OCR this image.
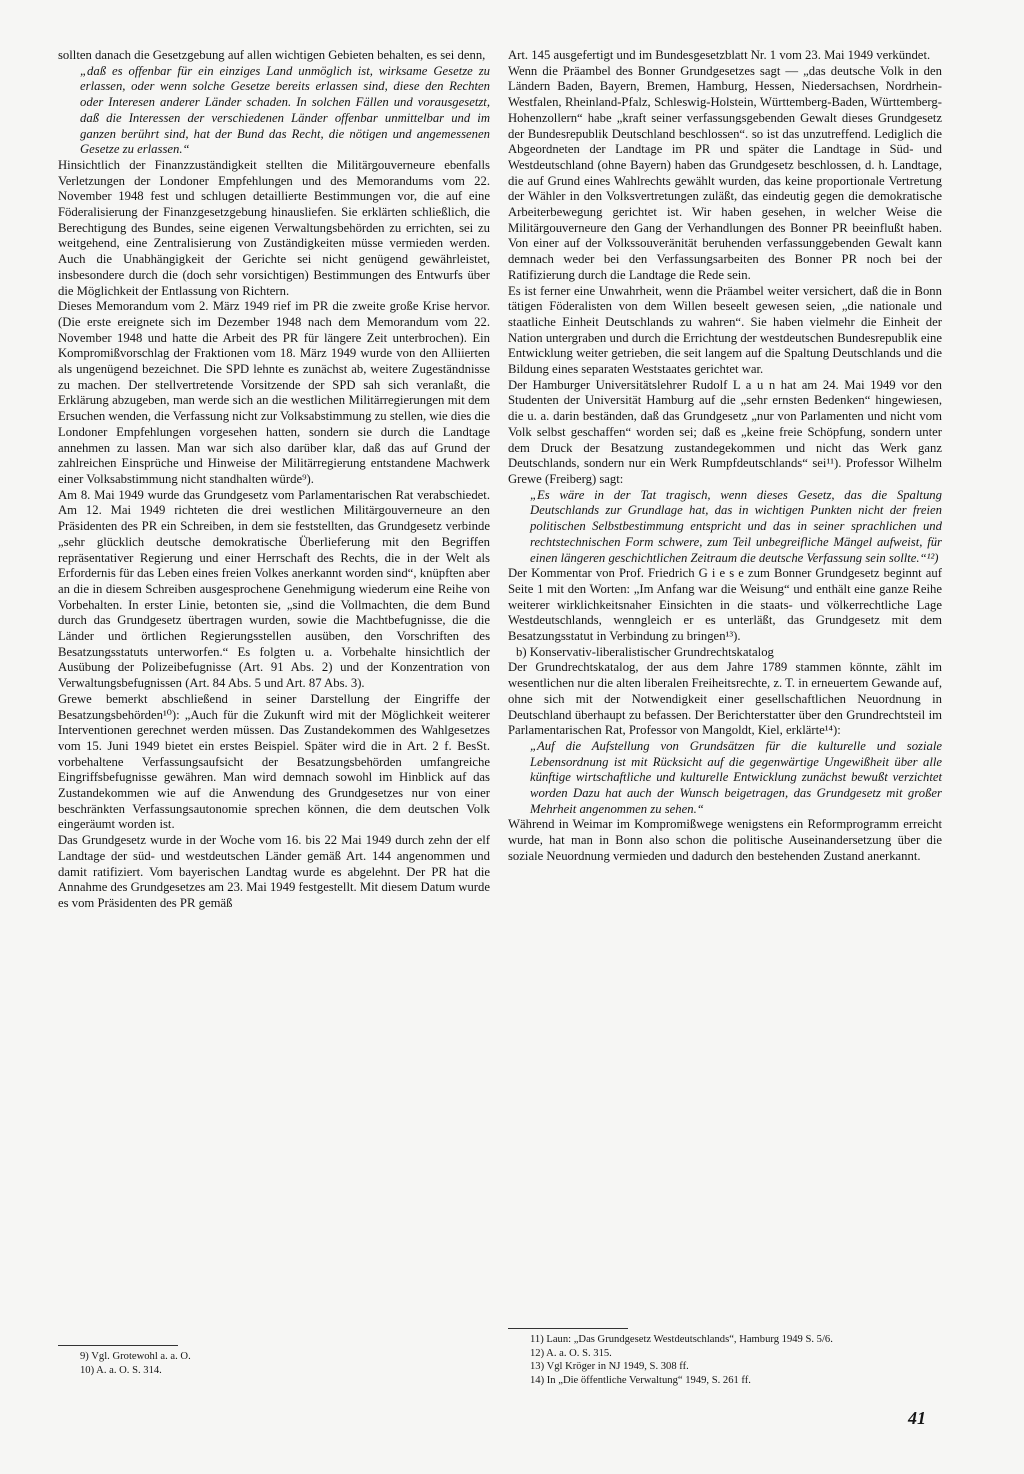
sollten danach die Gesetzgebung auf allen wichtigen Gebieten behalten, es sei denn,

„daß es offenbar für ein einziges Land unmöglich ist, wirksame Gesetze zu erlassen, oder wenn solche Gesetze bereits erlassen sind, diese den Rechten oder Interesen anderer Länder schaden. In solchen Fällen und vorausgesetzt, daß die Interessen der verschiedenen Länder offenbar unmittelbar und im ganzen berührt sind, hat der Bund das Recht, die nötigen und angemessenen Gesetze zu erlassen.“

Hinsichtlich der Finanzzuständigkeit stellten die Militärgouverneure ebenfalls Verletzungen der Londoner Empfehlungen und des Memorandums vom 22. November 1948 fest und schlugen detaillierte Bestimmungen vor, die auf eine Föderalisierung der Finanzgesetzgebung hinausliefen. Sie erklärten schließlich, die Berechtigung des Bundes, seine eigenen Verwaltungsbehörden zu errichten, sei zu weitgehend, eine Zentralisierung von Zuständigkeiten müsse vermieden werden. Auch die Unabhängigkeit der Gerichte sei nicht genügend gewährleistet, insbesondere durch die (doch sehr vorsichtigen) Bestimmungen des Entwurfs über die Möglichkeit der Entlassung von Richtern.

Dieses Memorandum vom 2. März 1949 rief im PR die zweite große Krise hervor. (Die erste ereignete sich im Dezember 1948 nach dem Memorandum vom 22. November 1948 und hatte die Arbeit des PR für längere Zeit unterbrochen). Ein Kompromißvorschlag der Fraktionen vom 18. März 1949 wurde von den Alliierten als ungenügend bezeichnet. Die SPD lehnte es zunächst ab, weitere Zugeständnisse zu machen. Der stellvertretende Vorsitzende der SPD sah sich veranlaßt, die Erklärung abzugeben, man werde sich an die westlichen Militärregierungen mit dem Ersuchen wenden, die Verfassung nicht zur Volksabstimmung zu stellen, wie dies die Londoner Empfehlungen vorgesehen hatten, sondern sie durch die Landtage annehmen zu lassen. Man war sich also darüber klar, daß das auf Grund der zahlreichen Einsprüche und Hinweise der Militärregierung entstandene Machwerk einer Volksabstimmung nicht standhalten würde⁹).

Am 8. Mai 1949 wurde das Grundgesetz vom Parlamentarischen Rat verabschiedet. Am 12. Mai 1949 richteten die drei westlichen Militärgouverneure an den Präsidenten des PR ein Schreiben, in dem sie feststellten, das Grundgesetz verbinde „sehr glücklich deutsche demokratische Überlieferung mit den Begriffen repräsentativer Regierung und einer Herrschaft des Rechts, die in der Welt als Erfordernis für das Leben eines freien Volkes anerkannt worden sind“, knüpften aber an die in diesem Schreiben ausgesprochene Genehmigung wiederum eine Reihe von Vorbehalten. In erster Linie, betonten sie, „sind die Vollmachten, die dem Bund durch das Grundgesetz übertragen wurden, sowie die Machtbefugnisse, die die Länder und örtlichen Regierungsstellen ausüben, den Vorschriften des Besatzungsstatuts unterworfen.“ Es folgten u. a. Vorbehalte hinsichtlich der Ausübung der Polizeibefugnisse (Art. 91 Abs. 2) und der Konzentration von Verwaltungsbefugnissen (Art. 84 Abs. 5 und Art. 87 Abs. 3).

Grewe bemerkt abschließend in seiner Darstellung der Eingriffe der Besatzungsbehörden¹⁰): „Auch für die Zukunft wird mit der Möglichkeit weiterer Interventionen gerechnet werden müssen. Das Zustandekommen des Wahlgesetzes vom 15. Juni 1949 bietet ein erstes Beispiel. Später wird die in Art. 2 f. BesSt. vorbehaltene Verfassungsaufsicht der Besatzungsbehörden umfangreiche Eingriffsbefugnisse gewähren. Man wird demnach sowohl im Hinblick auf das Zustandekommen wie auf die Anwendung des Grundgesetzes nur von einer beschränkten Verfassungsautonomie sprechen können, die dem deutschen Volk eingeräumt worden ist.

Das Grundgesetz wurde in der Woche vom 16. bis 22 Mai 1949 durch zehn der elf Landtage der süd- und westdeutschen Länder gemäß Art. 144 angenommen und damit ratifiziert. Vom bayerischen Landtag wurde es abgelehnt. Der PR hat die Annahme des Grundgesetzes am 23. Mai 1949 festgestellt. Mit diesem Datum wurde es vom Präsidenten des PR gemäß

Art. 145 ausgefertigt und im Bundesgesetzblatt Nr. 1 vom 23. Mai 1949 verkündet.

Wenn die Präambel des Bonner Grundgesetzes sagt — „das deutsche Volk in den Ländern Baden, Bayern, Bremen, Hamburg, Hessen, Niedersachsen, Nordrhein-Westfalen, Rheinland-Pfalz, Schleswig-Holstein, Württemberg-Baden, Württemberg-Hohenzollern“ habe „kraft seiner verfassungsgebenden Gewalt dieses Grundgesetz der Bundesrepublik Deutschland beschlossen“. so ist das unzutreffend. Lediglich die Abgeordneten der Landtage im PR und später die Landtage in Süd- und Westdeutschland (ohne Bayern) haben das Grundgesetz beschlossen, d. h. Landtage, die auf Grund eines Wahlrechts gewählt wurden, das keine proportionale Vertretung der Wähler in den Volksvertretungen zuläßt, das eindeutig gegen die demokratische Arbeiterbewegung gerichtet ist. Wir haben gesehen, in welcher Weise die Militärgouverneure den Gang der Verhandlungen des Bonner PR beeinflußt haben. Von einer auf der Volkssouveränität beruhenden verfassunggebenden Gewalt kann demnach weder bei den Verfassungsarbeiten des Bonner PR noch bei der Ratifizierung durch die Landtage die Rede sein.

Es ist ferner eine Unwahrheit, wenn die Präambel weiter versichert, daß die in Bonn tätigen Föderalisten von dem Willen beseelt gewesen seien, „die nationale und staatliche Einheit Deutschlands zu wahren“. Sie haben vielmehr die Einheit der Nation untergraben und durch die Errichtung der westdeutschen Bundesrepublik eine Entwicklung weiter getrieben, die seit langem auf die Spaltung Deutschlands und die Bildung eines separaten Weststaates gerichtet war.

Der Hamburger Universitätslehrer Rudolf L a u n hat am 24. Mai 1949 vor den Studenten der Universität Hamburg auf die „sehr ernsten Bedenken“ hingewiesen, die u. a. darin beständen, daß das Grundgesetz „nur von Parlamenten und nicht vom Volk selbst geschaffen“ worden sei; daß es „keine freie Schöpfung, sondern unter dem Druck der Besatzung zustandegekommen und nicht das Werk ganz Deutschlands, sondern nur ein Werk Rumpfdeutschlands“ sei¹¹). Professor Wilhelm Grewe (Freiberg) sagt:

„Es wäre in der Tat tragisch, wenn dieses Gesetz, das die Spaltung Deutschlands zur Grundlage hat, das in wichtigen Punkten nicht der freien politischen Selbstbestimmung entspricht und das in seiner sprachlichen und rechtstechnischen Form schwere, zum Teil unbegreifliche Mängel aufweist, für einen längeren geschichtlichen Zeitraum die deutsche Verfassung sein sollte.“¹²)

Der Kommentar von Prof. Friedrich G i e s e zum Bonner Grundgesetz beginnt auf Seite 1 mit den Worten: „Im Anfang war die Weisung“ und enthält eine ganze Reihe weiterer wirklichkeitsnaher Einsichten in die staats- und völkerrechtliche Lage Westdeutschlands, wenngleich er es unterläßt, das Grundgesetz mit dem Besatzungsstatut in Verbindung zu bringen¹³).

b) Konservativ-liberalistischer Grundrechtskatalog

Der Grundrechtskatalog, der aus dem Jahre 1789 stammen könnte, zählt im wesentlichen nur die alten liberalen Freiheitsrechte, z. T. in erneuertem Gewande auf, ohne sich mit der Notwendigkeit einer gesellschaftlichen Neuordnung in Deutschland überhaupt zu befassen. Der Berichterstatter über den Grundrechtsteil im Parlamentarischen Rat, Professor von Mangoldt, Kiel, erklärte¹⁴):

„Auf die Aufstellung von Grundsätzen für die kulturelle und soziale Lebensordnung ist mit Rücksicht auf die gegenwärtige Ungewißheit über alle künftige wirtschaftliche und kulturelle Entwicklung zunächst bewußt verzichtet worden Dazu hat auch der Wunsch beigetragen, das Grundgesetz mit großer Mehrheit angenommen zu sehen.“

Während in Weimar im Kompromißwege wenigstens ein Reformprogramm erreicht wurde, hat man in Bonn also schon die politische Auseinandersetzung über die soziale Neuordnung vermieden und dadurch den bestehenden Zustand anerkannt.

9) Vgl. Grotewohl a. a. O.

10) A. a. O. S. 314.

11) Laun: „Das Grundgesetz Westdeutschlands“, Hamburg 1949 S. 5/6.

12) A. a. O. S. 315.

13) Vgl Kröger in NJ 1949, S. 308 ff.

14) In „Die öffentliche Verwaltung“ 1949, S. 261 ff.

41
